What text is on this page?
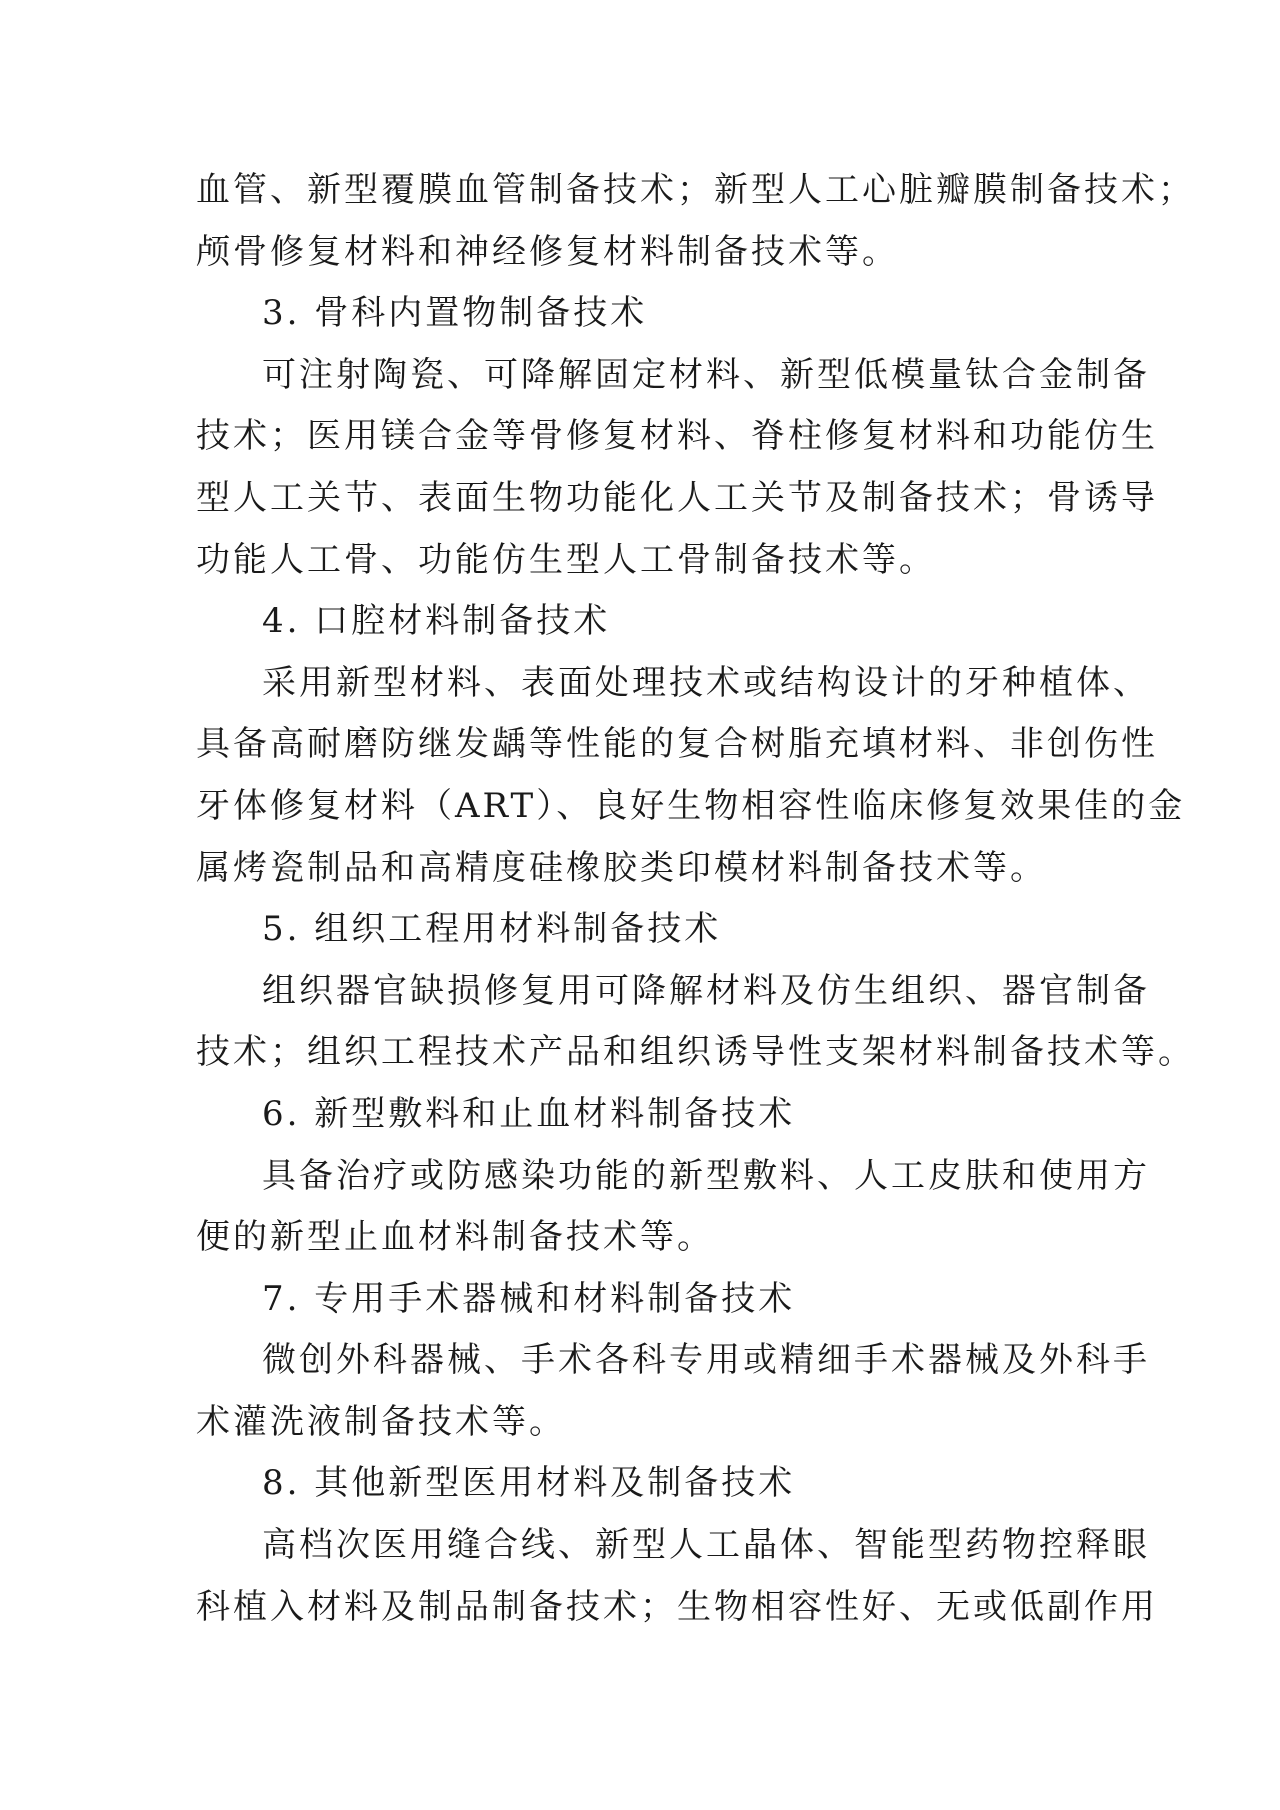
血管、新型覆膜血管制备技术；新型人工心脏瓣膜制备技术；
颅骨修复材料和神经修复材料制备技术等。
3. 骨科内置物制备技术
可注射陶瓷、可降解固定材料、新型低模量钛合金制备
技术；医用镁合金等骨修复材料、脊柱修复材料和功能仿生
型人工关节、表面生物功能化人工关节及制备技术；骨诱导
功能人工骨、功能仿生型人工骨制备技术等。
4. 口腔材料制备技术
采用新型材料、表面处理技术或结构设计的牙种植体、
具备高耐磨防继发龋等性能的复合树脂充填材料、非创伤性
牙体修复材料（ART）、良好生物相容性临床修复效果佳的金
属烤瓷制品和高精度硅橡胶类印模材料制备技术等。
5. 组织工程用材料制备技术
组织器官缺损修复用可降解材料及仿生组织、器官制备
技术；组织工程技术产品和组织诱导性支架材料制备技术等。
6. 新型敷料和止血材料制备技术
具备治疗或防感染功能的新型敷料、人工皮肤和使用方
便的新型止血材料制备技术等。
7. 专用手术器械和材料制备技术
微创外科器械、手术各科专用或精细手术器械及外科手
术灌洗液制备技术等。
8. 其他新型医用材料及制备技术
高档次医用缝合线、新型人工晶体、智能型药物控释眼
科植入材料及制品制备技术；生物相容性好、无或低副作用
